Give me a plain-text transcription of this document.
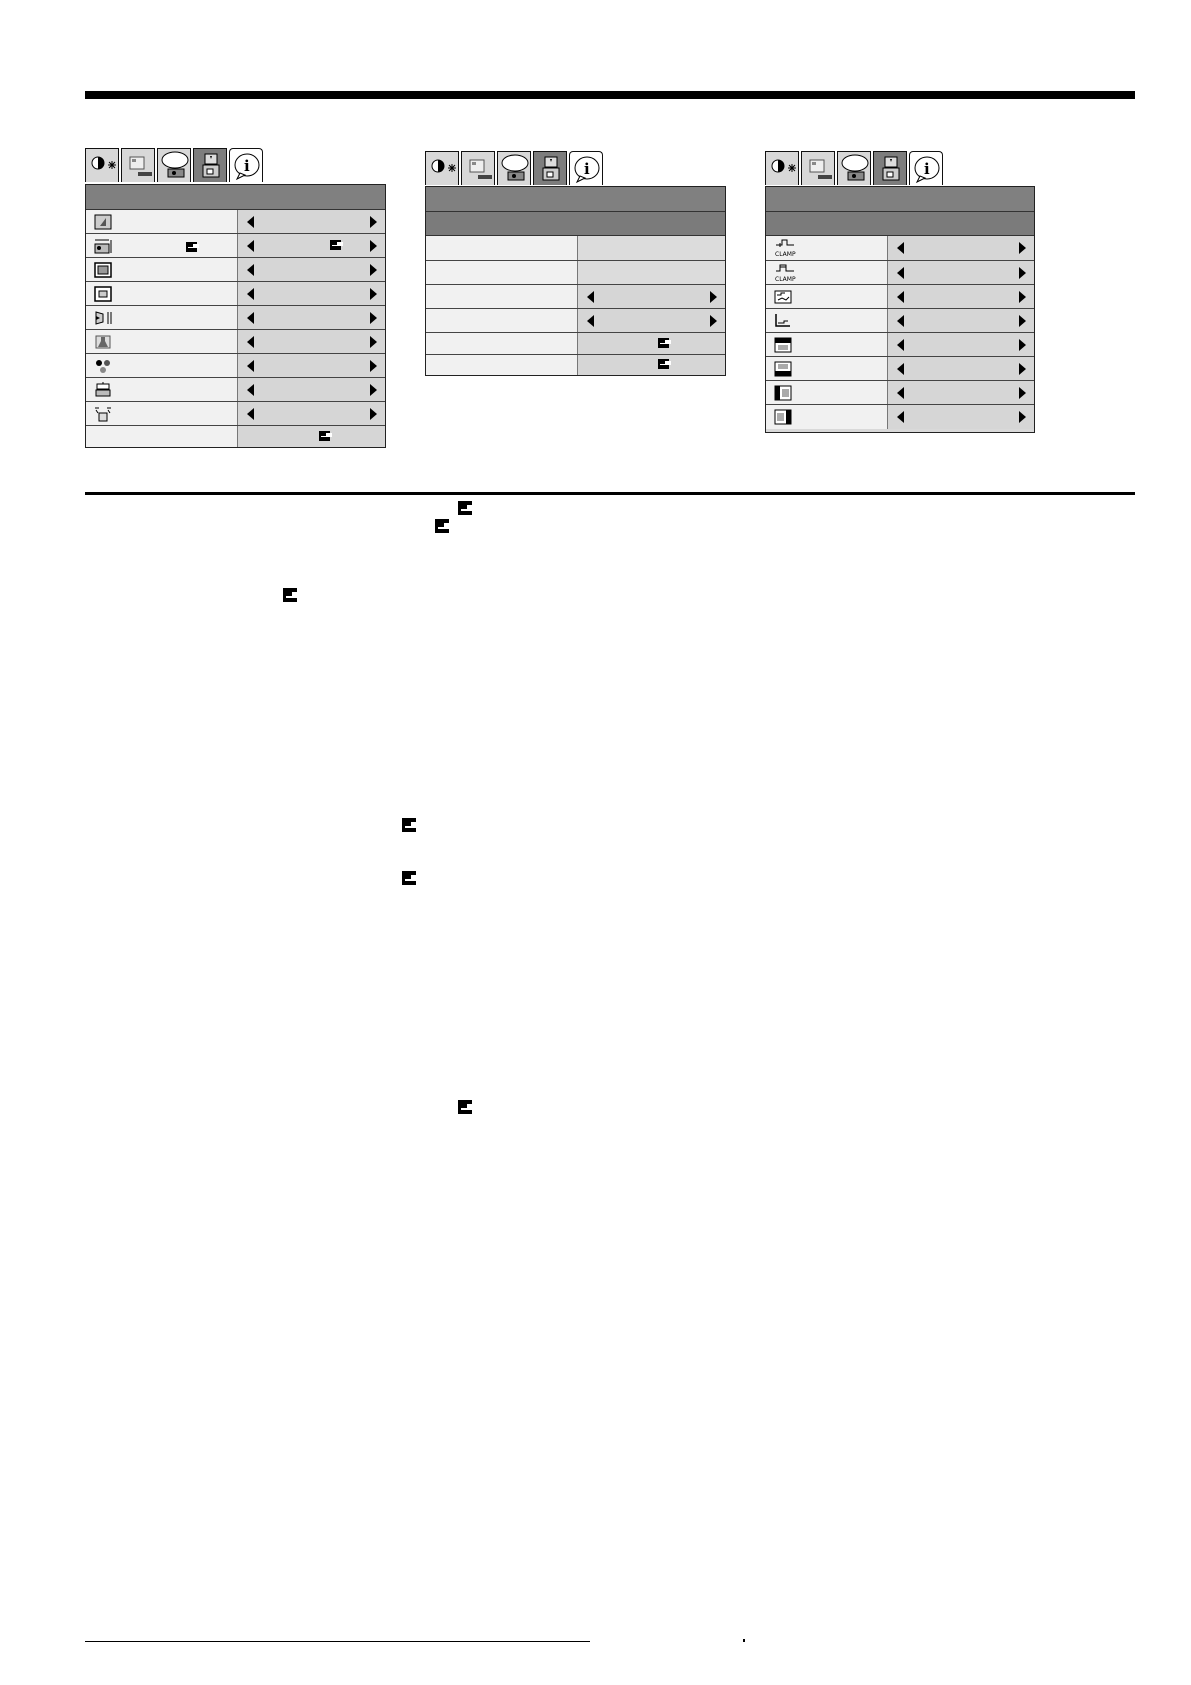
i	i	i
CLAMP
CLAMP
